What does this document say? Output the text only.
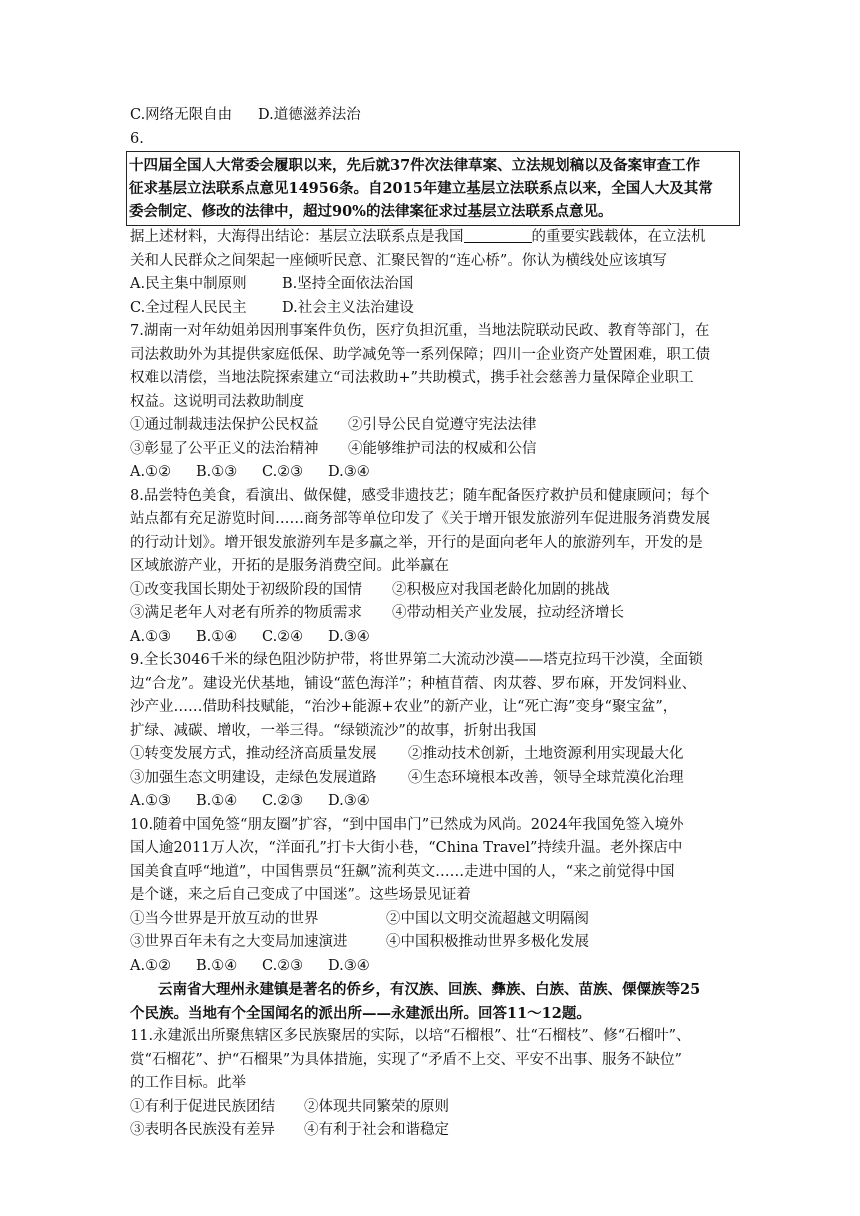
C.网络无限自由	D.道德滋养法治
6.
十四届全国人大常委会履职以来，先后就37件次法律草案、立法规划稿以及备案审查工作
征求基层立法联系点意见14956条。自2015年建立基层立法联系点以来，全国人大及其常
委会制定、修改的法律中，超过90%的法律案征求过基层立法联系点意见。
据上述材料，大海得出结论：基层立法联系点是我国	的重要实践载体，在立法机
关和人民群众之间架起一座倾听民意、汇聚民智的“连心桥”。你认为横线处应该填写
A.民主集中制原则	B.坚持全面依法治国
C.全过程人民民主	D.社会主义法治建设
7.湖南一对年幼姐弟因刑事案件负伤，医疗负担沉重，当地法院联动民政、教育等部门，在
司法救助外为其提供家庭低保、助学减免等一系列保障；四川一企业资产处置困难，职工债
权难以清偿，当地法院探索建立“司法救助+”共助模式，携手社会慈善力量保障企业职工
权益。这说明司法救助制度
①通过制裁违法保护公民权益	②引导公民自觉遵守宪法法律
③彰显了公平正义的法治精神	④能够维护司法的权威和公信
A.①②	B.①③	C.②③	D.③④
8.品尝特色美食，看演出、做保健，感受非遗技艺；随车配备医疗救护员和健康顾问；每个
站点都有充足游览时间……商务部等单位印发了《关于增开银发旅游列车促进服务消费发展
的行动计划》。增开银发旅游列车是多赢之举，开行的是面向老年人的旅游列车，开发的是
区域旅游产业，开拓的是服务消费空间。此举赢在
①改变我国长期处于初级阶段的国情	②积极应对我国老龄化加剧的挑战
③满足老年人对老有所养的物质需求	④带动相关产业发展，拉动经济增长
A.①③	B.①④	C.②④	D.③④
9.全长3046千米的绿色阻沙防护带，将世界第二大流动沙漠——塔克拉玛干沙漠，全面锁
边“合龙”。建设光伏基地，铺设“蓝色海洋”；种植苜蓿、肉苁蓉、罗布麻，开发饲料业、
沙产业……借助科技赋能，“治沙+能源+农业”的新产业，让“死亡海”变身“聚宝盆”，
扩绿、减碳、增收，一举三得。“绿锁流沙”的故事，折射出我国
①转变发展方式，推动经济高质量发展	②推动技术创新，土地资源利用实现最大化
③加强生态文明建设，走绿色发展道路	④生态环境根本改善，领导全球荒漠化治理
A.①③	B.①④	C.②③	D.③④
10.随着中国免签“朋友圈”扩容，“到中国串门”已然成为风尚。2024年我国免签入境外
国人逾2011万人次，“洋面孔”打卡大街小巷，“China Travel”持续升温。老外探店中
国美食直呼“地道”，中国售票员“狂飙”流利英文……走进中国的人，“来之前觉得中国
是个谜，来之后自己变成了中国迷”。这些场景见证着
①当今世界是开放互动的世界	②中国以文明交流超越文明隔阂
③世界百年未有之大变局加速演进	④中国积极推动世界多极化发展
A.①②	B.①④	C.②③	D.③④
云南省大理州永建镇是著名的侨乡，有汉族、回族、彝族、白族、苗族、傈僳族等25
个民族。当地有个全国闻名的派出所——永建派出所。回答11～12题。
11.永建派出所聚焦辖区多民族聚居的实际，以培“石榴根”、壮“石榴枝”、修“石榴叶”、
赏“石榴花”、护“石榴果”为具体措施，实现了“矛盾不上交、平安不出事、服务不缺位”
的工作目标。此举
①有利于促进民族团结	②体现共同繁荣的原则
③表明各民族没有差异	④有利于社会和谐稳定
